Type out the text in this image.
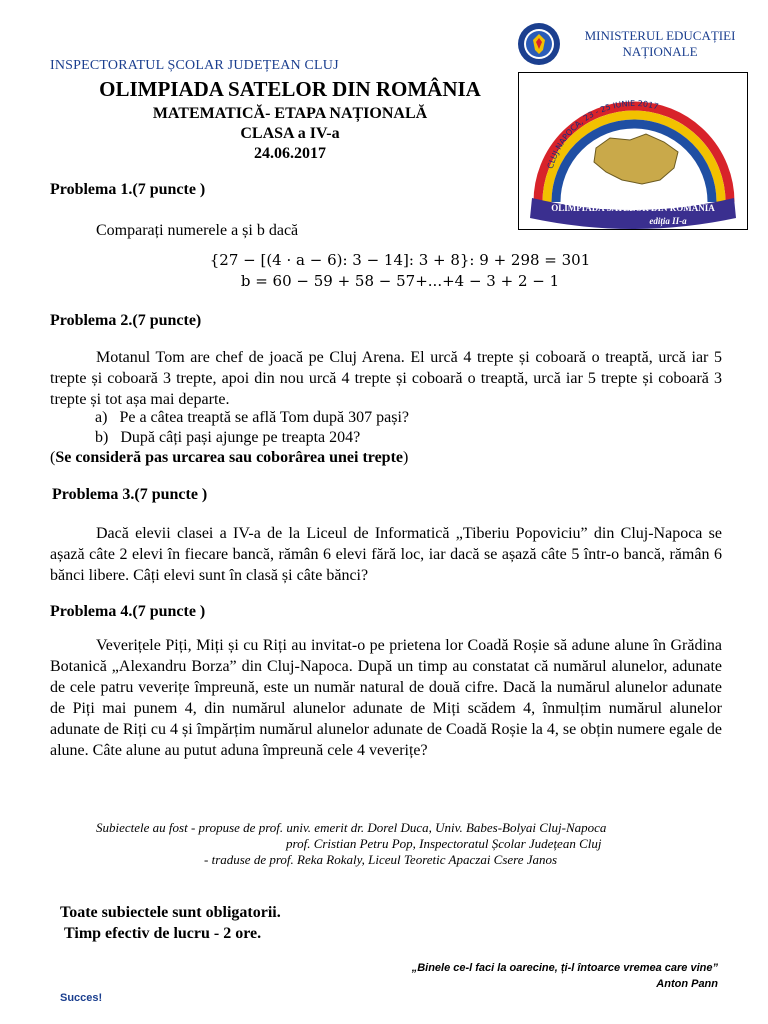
MINISTERUL EDUCAȚIEI
NAȚIONALE
INSPECTORATUL ȘCOLAR JUDEȚEAN CLUJ
OLIMPIADA SATELOR DIN ROMÂNIA
MATEMATICĂ- ETAPA NAȚIONALĂ
CLASA a IV-a
24.06.2017
CLUJ-NAPOCA, 23 - 25 IUNIE 2017
OLIMPIADA SATELOR DIN ROMÂNIA
ediția II-a
Problema 1.(7 puncte )
Comparați numerele a și b dacă
{27 − [(4 · a − 6): 3 − 14]: 3 + 8}: 9 + 298 = 301
b = 60 − 59 + 58 − 57+...+4 − 3 + 2 − 1
Problema 2.(7 puncte)

Motanul Tom are chef de joacă pe Cluj Arena. El urcă 4 trepte și coboară o treaptă, urcă iar 5 trepte și coboară 3 trepte, apoi din nou urcă 4 trepte și coboară o treaptă, urcă iar 5 trepte și coboară 3 trepte și tot așa mai departe.

a) Pe a câtea treaptă se află Tom după 307 pași?
b) După câți pași ajunge pe treapta 204?
(Se consideră pas urcarea sau coborârea unei trepte)
Problema 3.(7 puncte )

Dacă elevii clasei a IV-a de la Liceul de Informatică „Tiberiu Popoviciu” din Cluj-Napoca se așază câte 2 elevi în fiecare bancă, rămân 6 elevi fără loc, iar dacă se așază câte 5 într-o bancă, rămân 6 bănci libere. Câți elevi sunt în clasă și câte bănci?

Problema 4.(7 puncte )

Veverițele Piți, Miți și cu Riți au invitat-o pe prietena lor Coadă Roșie să adune alune în Grădina Botanică „Alexandru Borza” din Cluj-Napoca. După un timp au constatat că numărul alunelor, adunate de cele patru veverițe împreună, este un număr natural de două cifre. Dacă la numărul alunelor adunate de Piți mai punem 4, din numărul alunelor adunate de Miți scădem 4, înmulțim numărul alunelor adunate de Riți cu 4 și împărțim numărul alunelor adunate de Coadă Roșie la 4, se obțin numere egale de alune. Câte alune au putut aduna împreună cele 4 veverițe?

Subiectele au fost - propuse de prof. univ. emerit dr. Dorel Duca, Univ. Babes-Bolyai Cluj-Napoca
prof. Cristian Petru Pop, Inspectoratul Școlar Județean Cluj
- traduse de prof. Reka Rokaly, Liceul Teoretic Apaczai Csere Janos
Toate subiectele sunt obligatorii.
Timp efectiv de lucru - 2 ore.
„Binele ce-l faci la oarecine, ți-l întoarce vremea care vine”
Anton Pann
Succes!
